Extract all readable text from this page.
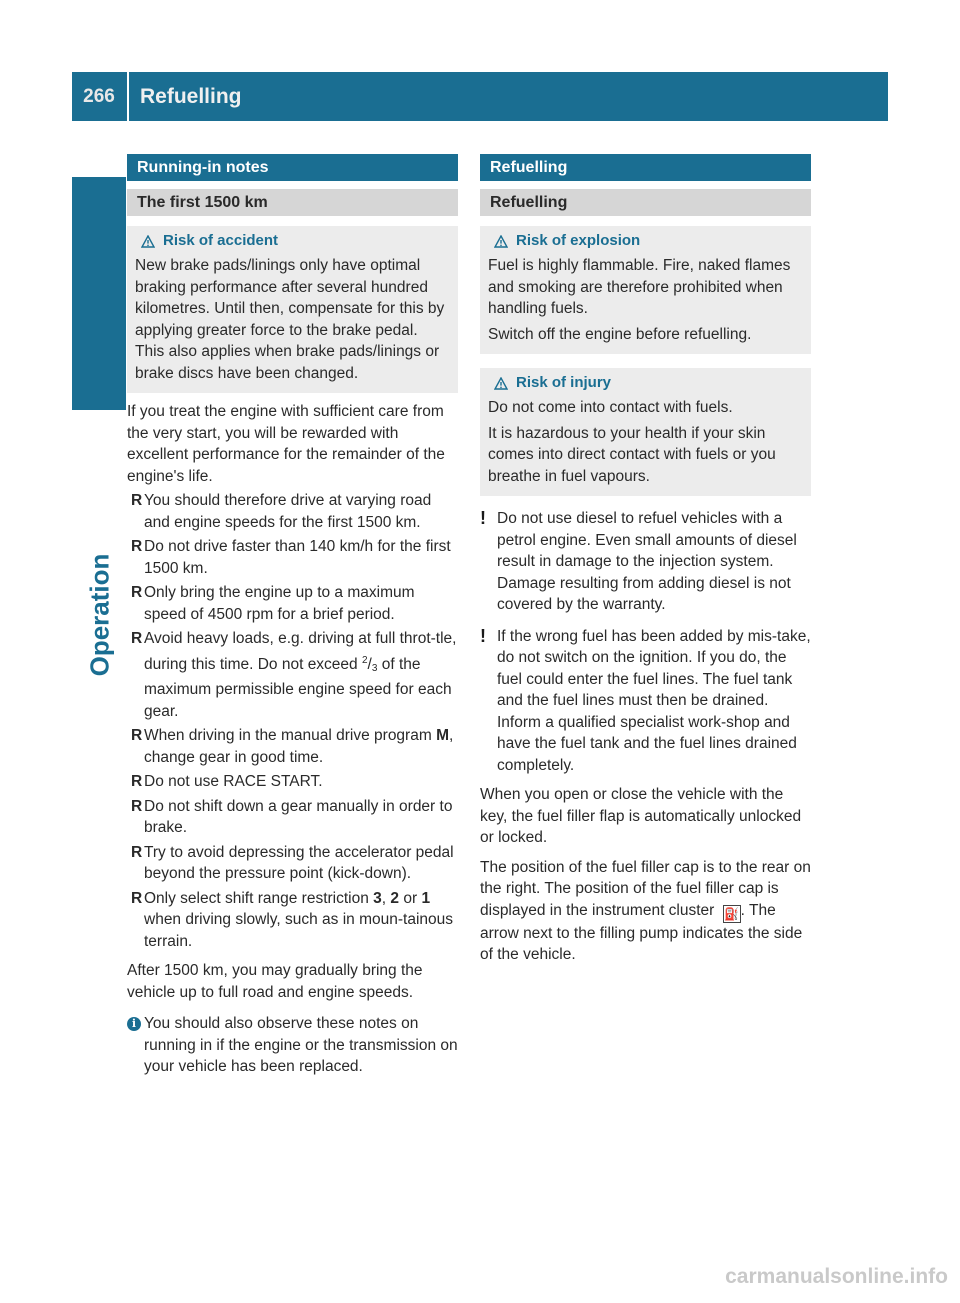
266	Refuelling
Operation
Running-in notes
The first 1500 km
Risk of accident

New brake pads/linings only have optimal braking performance after several hundred kilometres. Until then, compensate for this by applying greater force to the brake pedal. This also applies when brake pads/linings or brake discs have been changed.

If you treat the engine with sufficient care from the very start, you will be rewarded with excellent performance for the remainder of the engine's life.

R You should therefore drive at varying road and engine speeds for the first 1500 km.
R Do not drive faster than 140 km/h for the first 1500 km.
R Only bring the engine up to a maximum speed of 4500 rpm for a brief period.
R Avoid heavy loads, e.g. driving at full throt-tle, during this time. Do not exceed $^2/_3$ of the maximum permissible engine speed for each gear.
R When driving in the manual drive program M, change gear in good time.
R Do not use RACE START.
R Do not shift down a gear manually in order to brake.
R Try to avoid depressing the accelerator pedal beyond the pressure point (kick-down).
R Only select shift range restriction 3, 2 or 1 when driving slowly, such as in moun-tainous terrain.

After 1500 km, you may gradually bring the vehicle up to full road and engine speeds.

i You should also observe these notes on running in if the engine or the transmission on your vehicle has been replaced.
Refuelling
Refuelling
Risk of explosion

Fuel is highly flammable. Fire, naked flames and smoking are therefore prohibited when handling fuels.

Switch off the engine before refuelling.

Risk of injury

Do not come into contact with fuels.

It is hazardous to your health if your skin comes into direct contact with fuels or you breathe in fuel vapours.

! Do not use diesel to refuel vehicles with a petrol engine. Even small amounts of diesel result in damage to the injection system. Damage resulting from adding diesel is not covered by the warranty.
! If the wrong fuel has been added by mis-take, do not switch on the ignition. If you do, the fuel could enter the fuel lines. The fuel tank and the fuel lines must then be drained. Inform a qualified specialist work-shop and have the fuel tank and the fuel lines drained completely.

When you open or close the vehicle with the key, the fuel filler flap is automatically unlocked or locked.

The position of the fuel filler cap is to the rear on the right. The position of the fuel filler cap is displayed in the instrument cluster ⛽. The arrow next to the filling pump indicates the side of the vehicle.

carmanualsonline.info
